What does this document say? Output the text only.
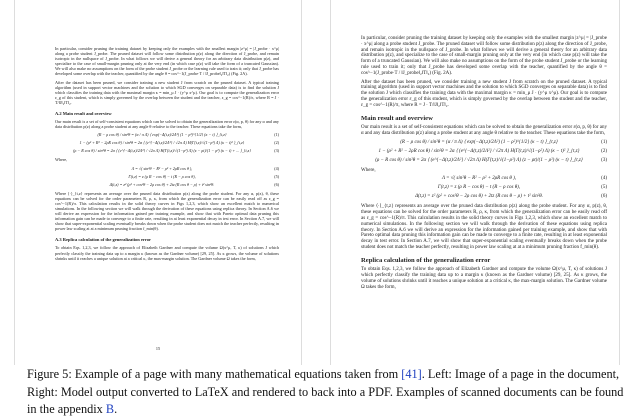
In particular, consider pruning the training dataset by keeping only the examples with the smallest margin |z^μ| = |J_probe · x^μ| along a probe student J_probe. The pruned dataset will follow some distribution p(z) along the direction of J_probe, and remain isotropic in the nullspace of J_probe. In what follows we will derive a general theory for an arbitrary data distribution p(z), and specialize to the case of small-margin pruning only at the very end (in which case p(z) will take the form of a truncated Gaussian). We will also make no assumptions on the form of the probe student J_probe or the learning rule used to train it; only that J_probe has developed some overlap with the teacher, quantified by the angle θ = cos^−1(J_probe·T / ‖J_probe‖₂‖T‖₂) (Fig. 2A).

After the dataset has been pruned, we consider training a new student J from scratch on the pruned dataset. A typical training algorithm (used in support vector machines and the solution to which SGD converges on separable data) is to find the solution J which classifies the training data with the maximal margin κ = min_μ J · (y^μ x^μ). Our goal is to compute the generalization error ε_g of this student, which is simply governed by the overlap between the student and the teacher, ε_g = cos^−1(R)/π, where R = J · T/‖J‖₂‖T‖₂.

A.2 Main result and overview

Our main result is a set of self-consistent equations which can be solved to obtain the generalization error ε(α, p, θ) for any α and any data distribution p(z) along a probe student at any angle θ relative to the teacher. These equations take the form,

(R − ρ cos θ) / sin²θ = (α / π Λ) ⟨ exp(−Δ(t,z)/2Λ²) (1 − ρ²)^{1/2} (κ − t) ⟩_{t,z}	(1)
1 − (ρ² + R² − 2ρR cos θ) / sin²θ = 2α ⟨ (e^{−Δ(t,z)/2Λ²} / √2π Λ) H(Γ(t,z)/√(1−ρ²) Λ) (κ − t)² ⟩_{t,z}	(2)
(ρ − R cos θ) / sin²θ = 2α ⟨ (e^{−Δ(t,z)/2Λ²} / √2π Λ) H(Γ(t,z)/√(1−ρ²) Λ) (z − ρt)/(1 − ρ²) (κ − t) + ... ⟩_{t,z}	(3)

Where,

Λ = √( sin²θ − R² − ρ² + 2ρR cos θ ),	(4)
Γ(t,z) = z (ρ R − cos θ) − t (R − ρ cos θ),	(5)
Δ(t,z) = z² (ρ² + cos²θ − 2ρ cos θ) + 2tz (R cos θ − ρ) + t² sin²θ.	(6)

Where ⟨·⟩_{t,z} represents an average over the pruned data distribution p(z) along the probe student. For any α, p(z), θ, these equations can be solved for the order parameters R, ρ, κ, from which the generalization error can be easily read off as ε_g = cos^−1(R)/π. This calculation results in the solid theory curves in Figs 1,2,3, which show an excellent match to numerical simulations. In the following section we will walk through the derivation of these equations using replica theory. In Section A.6 we will derive an expression for the information gained per training example, and show that with Pareto optimal data pruning this information gain can be made to converge to a finite rate, resulting in at least exponential decay in test error. In Section A.7, we will show that super-exponential scaling eventually breaks down when the probe student does not match the teacher perfectly, resulting in power law scaling at at a minimum pruning fraction f_min(θ).

A.3 Replica calculation of the generalization error

To obtain Eqs. 1,2,3, we follow the approach of Elizabeth Gardner and compute the volume Ω(x^μ, T, κ) of solutions J which perfectly classify the training data up to a margin κ (known as the Gardner volume) [29, 25]. As κ grows, the volume of solutions shrinks until it reaches a unique solution at a critical κ, the max-margin solution. The Gardner volume Ω takes the form,

15

In particular, consider pruning the training dataset by keeping only the examples with the smallest margin |z^μ| = |J_probe · x^μ| along a probe student J_probe. The pruned dataset will follow some distribution p(z) along the direction of J_probe, and remain isotropic in the nullspace of J_probe. In what follows we will derive a general theory for an arbitrary data distribution p(z), and specialize to the case of small-margin pruning only at the very end (in which case p(z) will take the form of a truncated Gaussian). We will also make no assumptions on the form of the probe student J_probe or the learning rule used to train it; only that J_probe has developed some overlap with the teacher, quantified by the angle θ = cos^−1(J_probe·T / ‖J_probe‖₂‖T‖₂) (Fig. 2A).

After the dataset has been pruned, we consider training a new student J from scratch on the pruned dataset. A typical training algorithm (used in support vector machines and the solution to which SGD converges on separable data) is to find the solution J which classifies the training data with the maximal margin κ = min_μ J · (y^μ x^μ). Our goal is to compute the generalization error ε_g of this student, which is simply governed by the overlap between the student and the teacher, ε_g = cos^−1(R)/π, where R = J · T/‖J‖₂‖T‖₂.

Main result and overview

Our main result is a set of self-consistent equations which can be solved to obtain the generalization error ε(α, p, θ) for any α and any data distribution p(z) along a probe student at any angle θ relative to the teacher. These equations take the form,

(R − ρ cos θ) / sin²θ = (α / π Λ) ⟨ exp(−Δ(t,z)/2Λ²) (1 − ρ²)^{1/2} (κ − t) ⟩_{t,z}	(1)
1 − (ρ² + R² − 2ρR cos θ) / sin²θ = 2α ⟨ (e^{−Δ(t,z)/2Λ²} / √2π Λ) H(Γ(t,z)/√(1−ρ²) Λ) (κ − t)² ⟩_{t,z}	(2)
(ρ − R cos θ) / sin²θ = 2α ⟨ (e^{−Δ(t,z)/2Λ²} / √2π Λ) H(Γ(t,z)/√(1−ρ²) Λ) (z − ρt)/(1 − ρ²) (κ − t) ⟩_{t,z}	(3)

Where,

Λ = √( sin²θ − R² − ρ² + 2ρR cos θ ),	(4)
Γ(t,z) = z (ρ R − cos θ) − t (R − ρ cos θ),	(5)
Δ(t,z) = z² (ρ² + cos²θ − 2ρ cos θ) + 2tz (R cos θ − ρ) + t² sin²θ.	(6)

Where ⟨·⟩_{t,z} represents an average over the pruned data distribution p(z) along the probe student. For any α, p(z), θ, these equations can be solved for the order parameters R, ρ, κ, from which the generalization error can be easily read off as ε_g = cos^−1(R)/π. This calculation results in the solid theory curves in Figs 1,2,3, which show an excellent match to numerical simulations. In the following section we will walk through the derivation of these equations using replica theory. In Section A.6 we will derive an expression for the information gained per training example, and show that with Pareto optimal data pruning this information gain can be made to converge to a finite rate, resulting in at least exponential decay in test error. In Section A.7, we will show that super-exponential scaling eventually breaks down when the probe student does not match the teacher perfectly, resulting in power law scaling at at a minimum pruning fraction f_min(θ).

Replica calculation of the generalization error

To obtain Eqs. 1,2,3, we follow the approach of Elizabeth Gardner and compute the volume Ω(x^μ, T, κ) of solutions J which perfectly classify the training data up to a margin κ (known as the Gardner volume) [29, 25]. As κ grows, the volume of solutions shrinks until it reaches a unique solution at a critical κ, the max-margin solution. The Gardner volume Ω takes the form,

Figure 5: Example of a page with many mathematical equations taken from [41]. Left: Image of a page in the document, Right: Model output converted to LaTeX and rendered to back into a PDF. Examples of scanned documents can be found in the appendix B.
